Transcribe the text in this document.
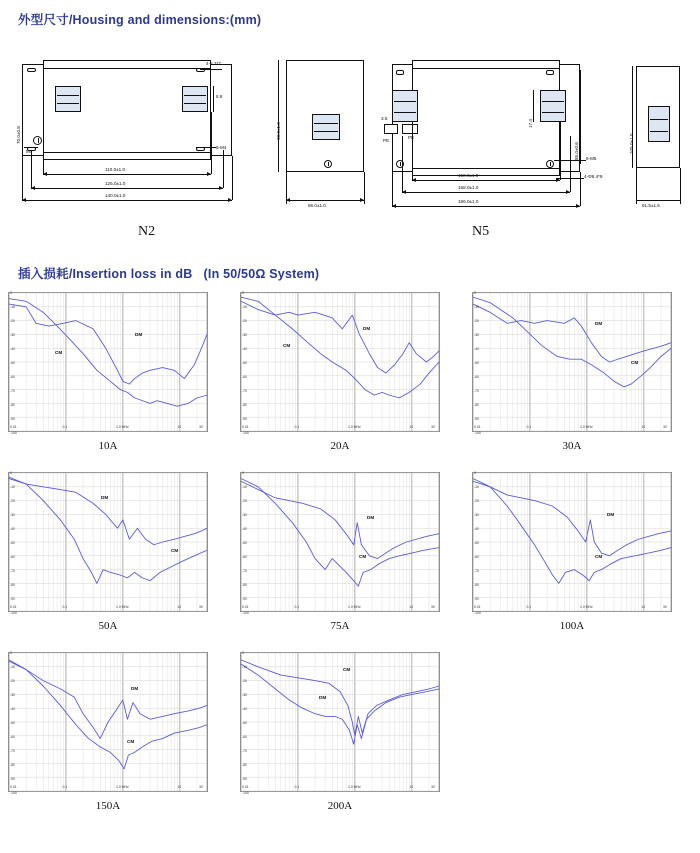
外型尺寸/Housing and dimensions:(mm)
4-5.3*7
70.0±0.8
M4
8.8
6-M4
110.0±1.0
125.0±1.0
140.0±1.0
N2
90.0±1.0
56.0±1.0
PE
PE
3.5
17.4
85.0±0.6 6-M5
4-Φ6.4*9
150.0±1.0
168.0±1.0
186.0±1.0
N5
105.0±1.0
61.5±1.5
插入损耗/Insertion loss in dB (In 50/50Ω System)
DM
CM
0
-10
-20
-30
-40
-50
-60
-70
-80
-90
-100
0.01	0.1	1.0 MHz	10	30
10A
DM
CM
0
-10
-20
-30
-40
-50
-60
-70
-80
-90
-100
0.01	0.1	1.0 MHz	10	30
20A
DM
CM
0
-10
-20
-30
-40
-50
-60
-70
-80
-90
-100
0.01	0.1	1.0 MHz	10	30
30A
DM
CM
0
-10
-20
-30
-40
-50
-60
-70
-80
-90
-100
0.01	0.1	1.0 MHz	10	30
50A
DM
CM
0
-10
-20
-30
-40
-50
-60
-70
-80
-90
-100
0.01	0.1	1.0 MHz	10	30
75A
DM
CM
0
-10
-20
-30
-40
-50
-60
-70
-80
-90
-100
0.01	0.1	1.0 MHz	10	30
100A
DM
CM
0
-10
-20
-30
-40
-50
-60
-70
-80
-90
-100
0.01	0.1	1.0 MHz	10	30
150A
CM
DM
0
-10
-20
-30
-40
-50
-60
-70
-80
-90
-100
0.01	0.1	1.0 MHz	10	30
200A
